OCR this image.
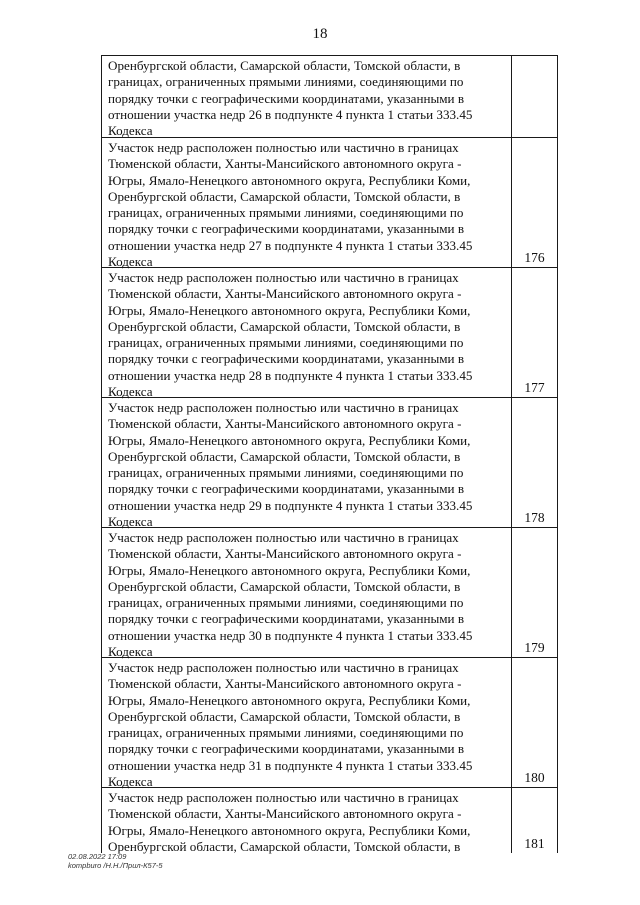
18
Оренбургской области, Самарской области, Томской области, в
границах, ограниченных прямыми линиями, соединяющими по
порядку точки с географическими координатами, указанными в
отношении участка недр 26 в подпункте 4 пункта 1 статьи 333.45
Кодекса
Участок недр расположен полностью или частично в границах
Тюменской области, Ханты-Мансийского автономного округа -
Югры, Ямало-Ненецкого автономного округа, Республики Коми,
Оренбургской области, Самарской области, Томской области, в
границах, ограниченных прямыми линиями, соединяющими по
порядку точки с географическими координатами, указанными в
отношении участка недр 27 в подпункте 4 пункта 1 статьи 333.45
Кодекса	176
Участок недр расположен полностью или частично в границах
Тюменской области, Ханты-Мансийского автономного округа -
Югры, Ямало-Ненецкого автономного округа, Республики Коми,
Оренбургской области, Самарской области, Томской области, в
границах, ограниченных прямыми линиями, соединяющими по
порядку точки с географическими координатами, указанными в
отношении участка недр 28 в подпункте 4 пункта 1 статьи 333.45
Кодекса	177
Участок недр расположен полностью или частично в границах
Тюменской области, Ханты-Мансийского автономного округа -
Югры, Ямало-Ненецкого автономного округа, Республики Коми,
Оренбургской области, Самарской области, Томской области, в
границах, ограниченных прямыми линиями, соединяющими по
порядку точки с географическими координатами, указанными в
отношении участка недр 29 в подпункте 4 пункта 1 статьи 333.45
Кодекса	178
Участок недр расположен полностью или частично в границах
Тюменской области, Ханты-Мансийского автономного округа -
Югры, Ямало-Ненецкого автономного округа, Республики Коми,
Оренбургской области, Самарской области, Томской области, в
границах, ограниченных прямыми линиями, соединяющими по
порядку точки с географическими координатами, указанными в
отношении участка недр 30 в подпункте 4 пункта 1 статьи 333.45
Кодекса	179
Участок недр расположен полностью или частично в границах
Тюменской области, Ханты-Мансийского автономного округа -
Югры, Ямало-Ненецкого автономного округа, Республики Коми,
Оренбургской области, Самарской области, Томской области, в
границах, ограниченных прямыми линиями, соединяющими по
порядку точки с географическими координатами, указанными в
отношении участка недр 31 в подпункте 4 пункта 1 статьи 333.45
Кодекса	180
Участок недр расположен полностью или частично в границах
Тюменской области, Ханты-Мансийского автономного округа -
Югры, Ямало-Ненецкого автономного округа, Республики Коми,
Оренбургской области, Самарской области, Томской области, в	181
02.08.2022 17:09
kompburo /Н.Н./Прил-К57-5
